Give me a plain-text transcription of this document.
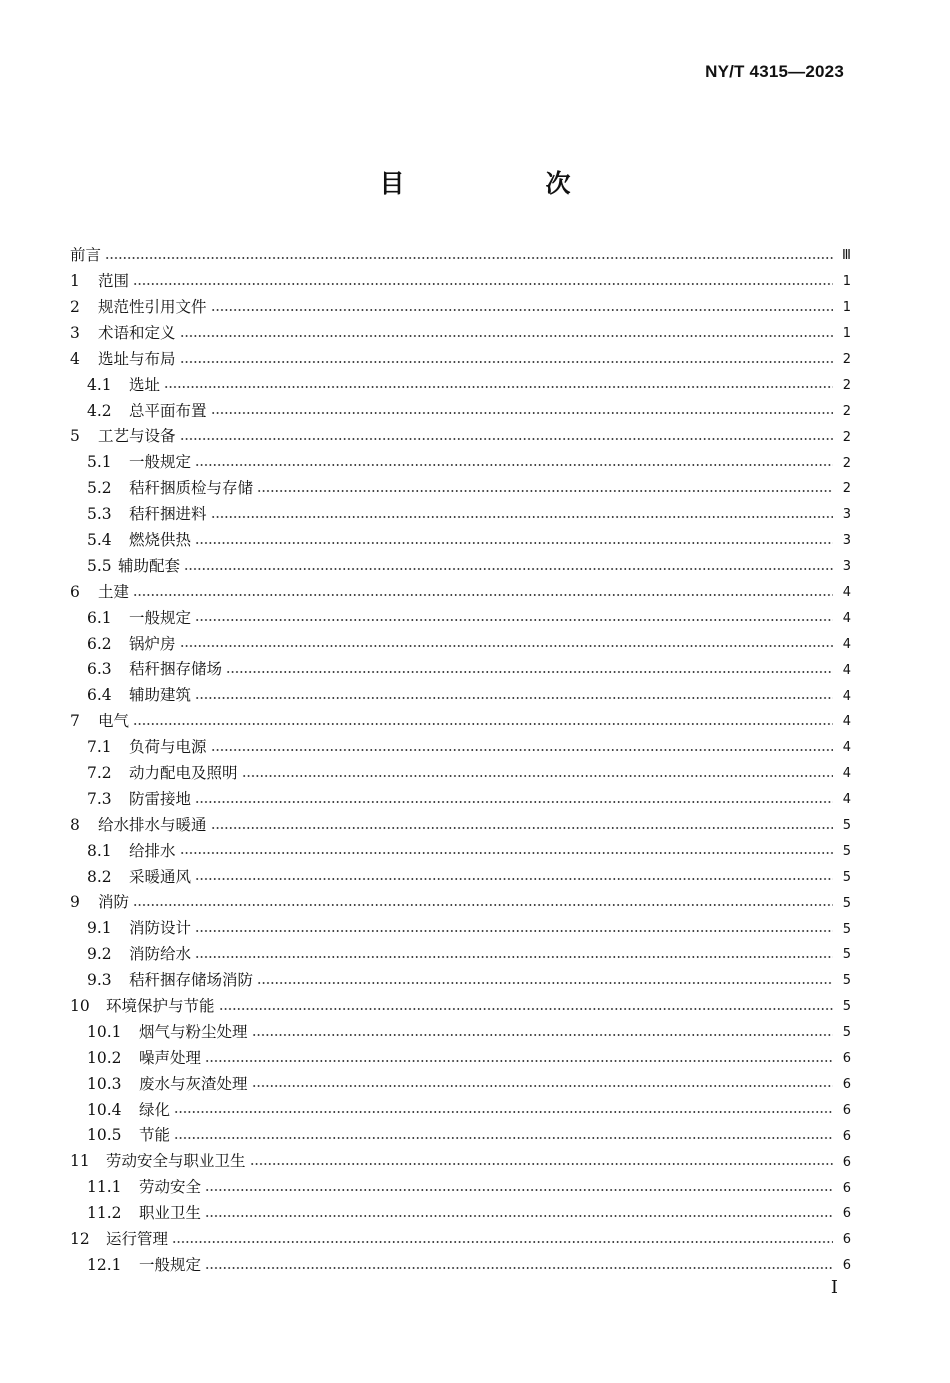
NY/T 4315—2023
目　次
前言	Ⅲ
1	范围	1
2	规范性引用文件	1
3	术语和定义	1
4	选址与布局	2
4.1	选址	2
4.2	总平面布置	2
5	工艺与设备	2
5.1	一般规定	2
5.2	秸秆捆质检与存储	2
5.3	秸秆捆进料	3
5.4	燃烧供热	3
5.5 辅助配套	3
6	土建	4
6.1	一般规定	4
6.2	锅炉房	4
6.3	秸秆捆存储场	4
6.4	辅助建筑	4
7	电气	4
7.1	负荷与电源	4
7.2	动力配电及照明	4
7.3	防雷接地	4
8	给水排水与暖通	5
8.1	给排水	5
8.2	采暖通风	5
9	消防	5
9.1	消防设计	5
9.2	消防给水	5
9.3	秸秆捆存储场消防	5
10	环境保护与节能	5
10.1	烟气与粉尘处理	5
10.2	噪声处理	6
10.3	废水与灰渣处理	6
10.4	绿化	6
10.5	节能	6
11	劳动安全与职业卫生	6
11.1	劳动安全	6
11.2	职业卫生	6
12	运行管理	6
12.1	一般规定	6
I
